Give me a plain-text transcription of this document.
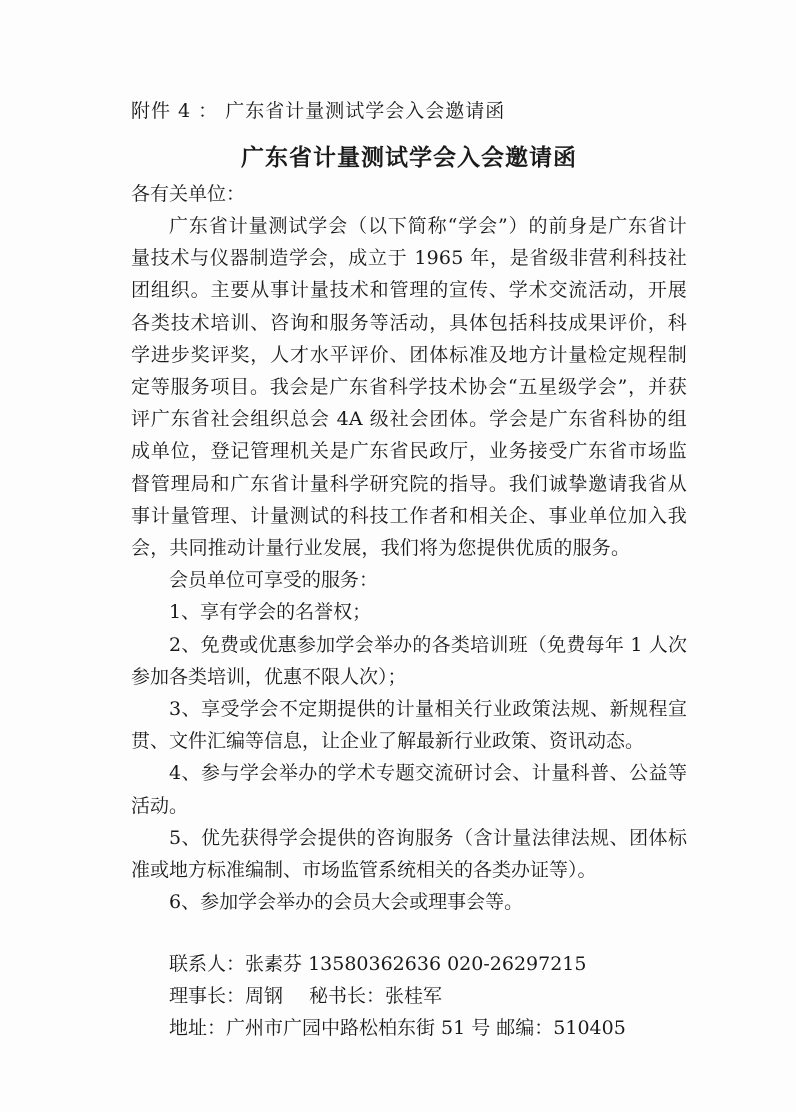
附件 4 ： 广东省计量测试学会入会邀请函

广东省计量测试学会入会邀请函

各有关单位：

广东省计量测试学会（以下简称“学会”）的前身是广东省计量技术与仪器制造学会，成立于 1965 年，是省级非营利科技社团组织。主要从事计量技术和管理的宣传、学术交流活动，开展各类技术培训、咨询和服务等活动，具体包括科技成果评价，科学进步奖评奖，人才水平评价、团体标准及地方计量检定规程制定等服务项目。我会是广东省科学技术协会“五星级学会”，并获评广东省社会组织总会 4A 级社会团体。学会是广东省科协的组成单位，登记管理机关是广东省民政厅，业务接受广东省市场监督管理局和广东省计量科学研究院的指导。我们诚挚邀请我省从事计量管理、计量测试的科技工作者和相关企、事业单位加入我会，共同推动计量行业发展，我们将为您提供优质的服务。

会员单位可享受的服务：

1、享有学会的名誉权；

2、免费或优惠参加学会举办的各类培训班（免费每年 1 人次参加各类培训，优惠不限人次）；

3、享受学会不定期提供的计量相关行业政策法规、新规程宣贯、文件汇编等信息，让企业了解最新行业政策、资讯动态。

4、参与学会举办的学术专题交流研讨会、计量科普、公益等活动。

5、优先获得学会提供的咨询服务（含计量法律法规、团体标准或地方标准编制、市场监管系统相关的各类办证等）。

6、参加学会举办的会员大会或理事会等。

联系人：张素芬 13580362636 020-26297215

理事长：周钢 秘书长：张桂军

地址：广州市广园中路松柏东街 51 号 邮编：510405
